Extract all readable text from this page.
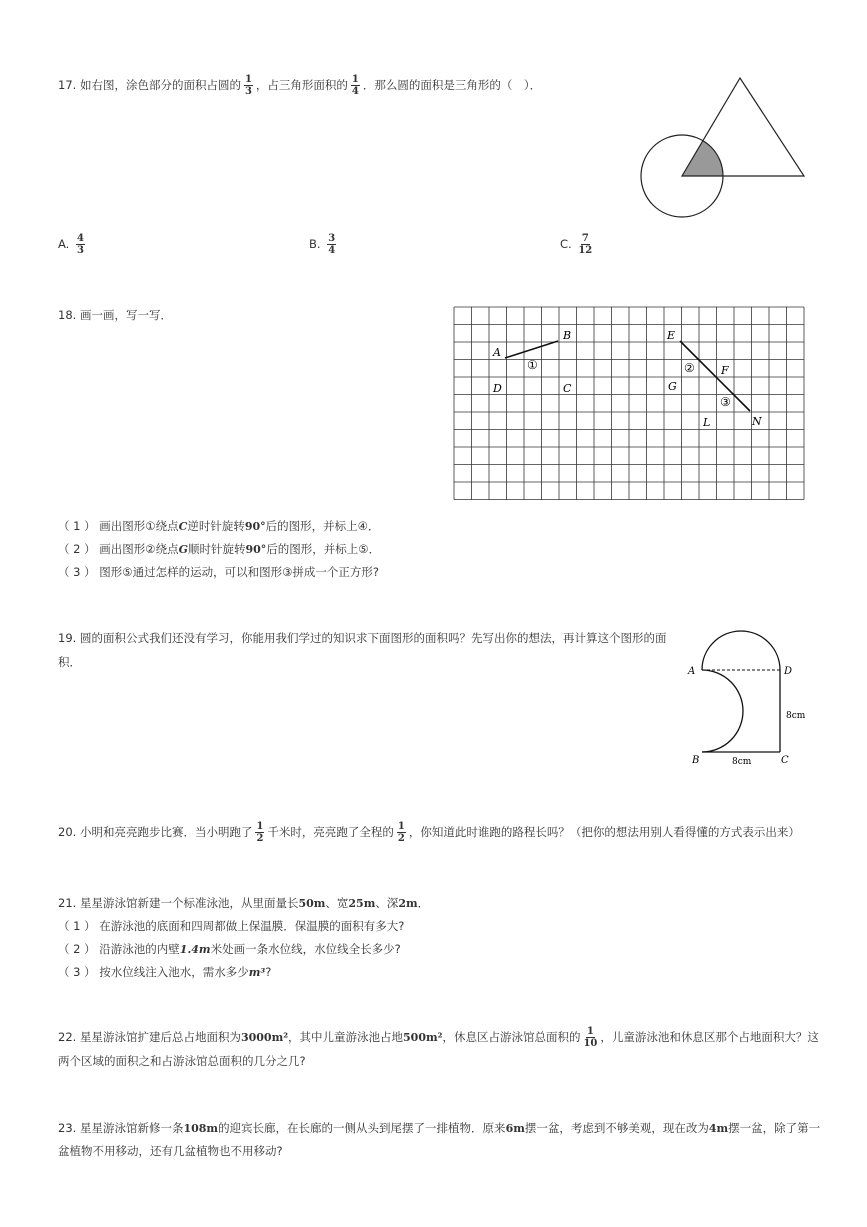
17. 如右图，涂色部分的面积占圆的 $\frac{1}{3}$ ，占三角形面积的 $\frac{1}{4}$ ．那么圆的面积是三角形的（　）．
A. $\frac{4}{3}$	B. $\frac{3}{4}$	C. $\frac{7}{12}$
18. 画一画，写一写．
A
B
D	C
①
E
F
G
L	N
②
③
（ 1 ） 画出图形①绕点C逆时针旋转90°后的图形，并标上④．
（ 2 ） 画出图形②绕点G顺时针旋转90°后的图形，并标上⑤．
（ 3 ） 图形⑤通过怎样的运动，可以和图形③拼成一个正方形?
19. 圆的面积公式我们还没有学习，你能用我们学过的知识求下面图形的面积吗？先写出你的想法，再计算这个图形的面
积．
A	D
B	C
8cm
8cm
20. 小明和亮亮跑步比赛．当小明跑了 $\frac{1}{2}$ 千米时，亮亮跑了全程的 $\frac{1}{2}$ ，你知道此时谁跑的路程长吗？（把你的想法用别人看得懂的方式表示出来）
21. 星星游泳馆新建一个标准泳池，从里面量长50m、宽25m、深2m．
（ 1 ） 在游泳池的底面和四周都做上保温膜．保温膜的面积有多大?
（ 2 ） 沿游泳池的内壁1.4m米处画一条水位线，水位线全长多少?
（ 3 ） 按水位线注入池水，需水多少m³?
22. 星星游泳馆扩建后总占地面积为3000m²，其中儿童游泳池占地500m²，休息区占游泳馆总面积的 $\frac{1}{10}$ ，儿童游泳池和休息区那个占地面积大？这
两个区域的面积之和占游泳馆总面积的几分之几?
23. 星星游泳馆新修一条108m的迎宾长廊，在长廊的一侧从头到尾摆了一排植物．原来6m摆一盆，考虑到不够美观，现在改为4m摆一盆，除了第一
盆植物不用移动，还有几盆植物也不用移动?
